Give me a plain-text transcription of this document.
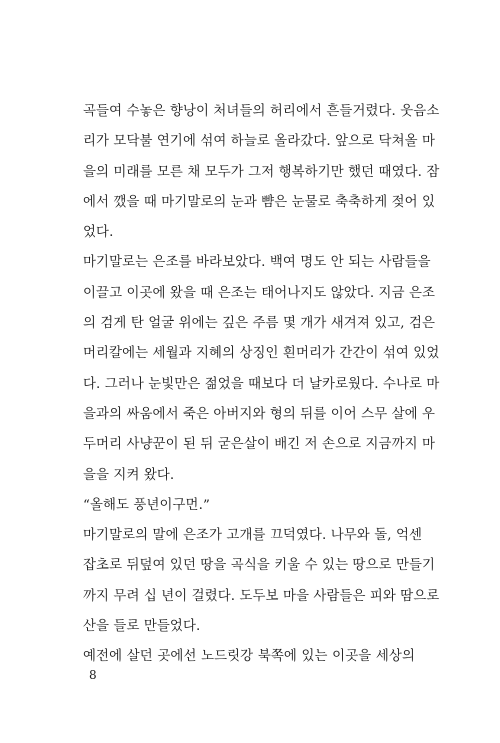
곡들여 수놓은 향낭이 처녀들의 허리에서 흔들거렸다. 웃음소
리가 모닥불 연기에 섞여 하늘로 올라갔다. 앞으로 닥쳐올 마
을의 미래를 모른 채 모두가 그저 행복하기만 했던 때였다. 잠
에서 깼을 때 마기말로의 눈과 뺨은 눈물로 축축하게 젖어 있
었다.
마기말로는 은조를 바라보았다. 백여 명도 안 되는 사람들을
이끌고 이곳에 왔을 때 은조는 태어나지도 않았다. 지금 은조
의 검게 탄 얼굴 위에는 깊은 주름 몇 개가 새겨져 있고, 검은
머리칼에는 세월과 지혜의 상징인 흰머리가 간간이 섞여 있었
다. 그러나 눈빛만은 젊었을 때보다 더 날카로웠다. 수나로 마
을과의 싸움에서 죽은 아버지와 형의 뒤를 이어 스무 살에 우
두머리 사냥꾼이 된 뒤 굳은살이 배긴 저 손으로 지금까지 마
을을 지켜 왔다.
“올해도 풍년이구먼.”
마기말로의 말에 은조가 고개를 끄덕였다. 나무와 돌, 억센
잡초로 뒤덮여 있던 땅을 곡식을 키울 수 있는 땅으로 만들기
까지 무려 십 년이 걸렸다. 도두보 마을 사람들은 피와 땀으로
산을 들로 만들었다.
예전에 살던 곳에선 노드릿강 북쪽에 있는 이곳을 세상의
8
